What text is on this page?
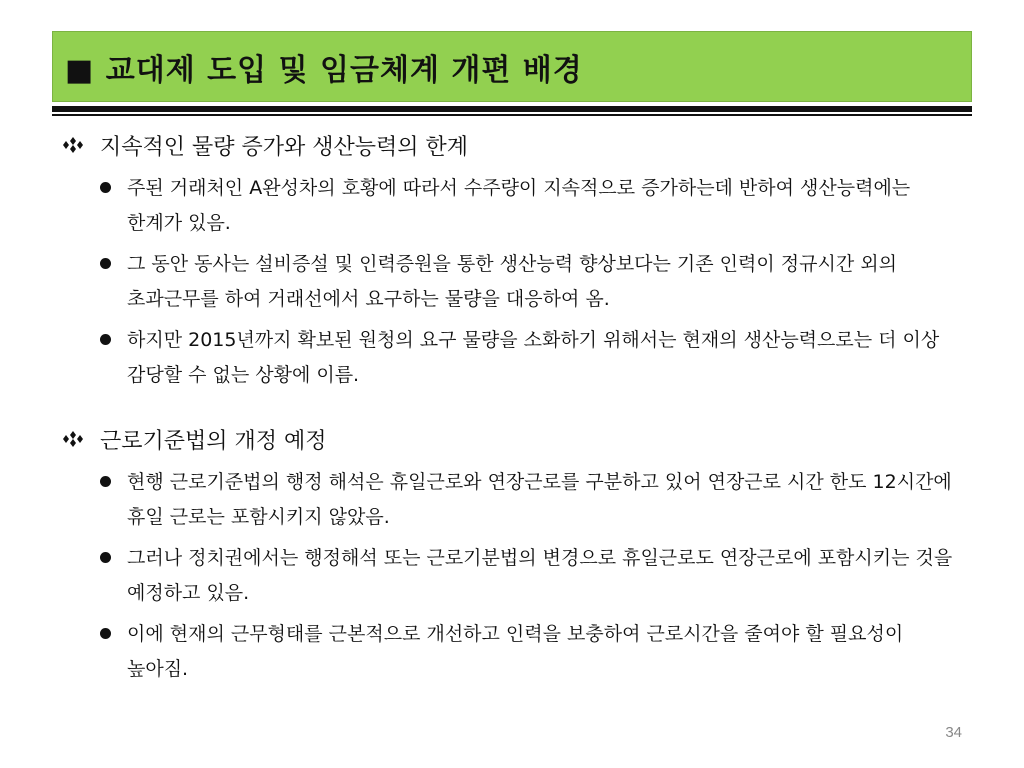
■ 교대제 도입 및 임금체계 개편 배경
지속적인 물량 증가와 생산능력의 한계
주된 거래처인 A완성차의 호황에 따라서 수주량이 지속적으로 증가하는데 반하여 생산능력에는 한계가 있음.
그 동안 동사는 설비증설 및 인력증원을 통한 생산능력 향상보다는 기존 인력이 정규시간 외의 초과근무를 하여 거래선에서 요구하는 물량을 대응하여 옴.
하지만 2015년까지 확보된 원청의 요구 물량을 소화하기 위해서는 현재의 생산능력으로는 더 이상 감당할 수 없는 상황에 이름.
근로기준법의 개정 예정
현행 근로기준법의 행정 해석은 휴일근로와 연장근로를 구분하고 있어 연장근로 시간 한도 12시간에 휴일 근로는 포함시키지 않았음.
그러나 정치권에서는 행정해석 또는 근로기분법의 변경으로 휴일근로도 연장근로에 포함시키는 것을 예정하고 있음.
이에 현재의 근무형태를 근본적으로 개선하고 인력을 보충하여 근로시간을 줄여야 할 필요성이 높아짐.
34
